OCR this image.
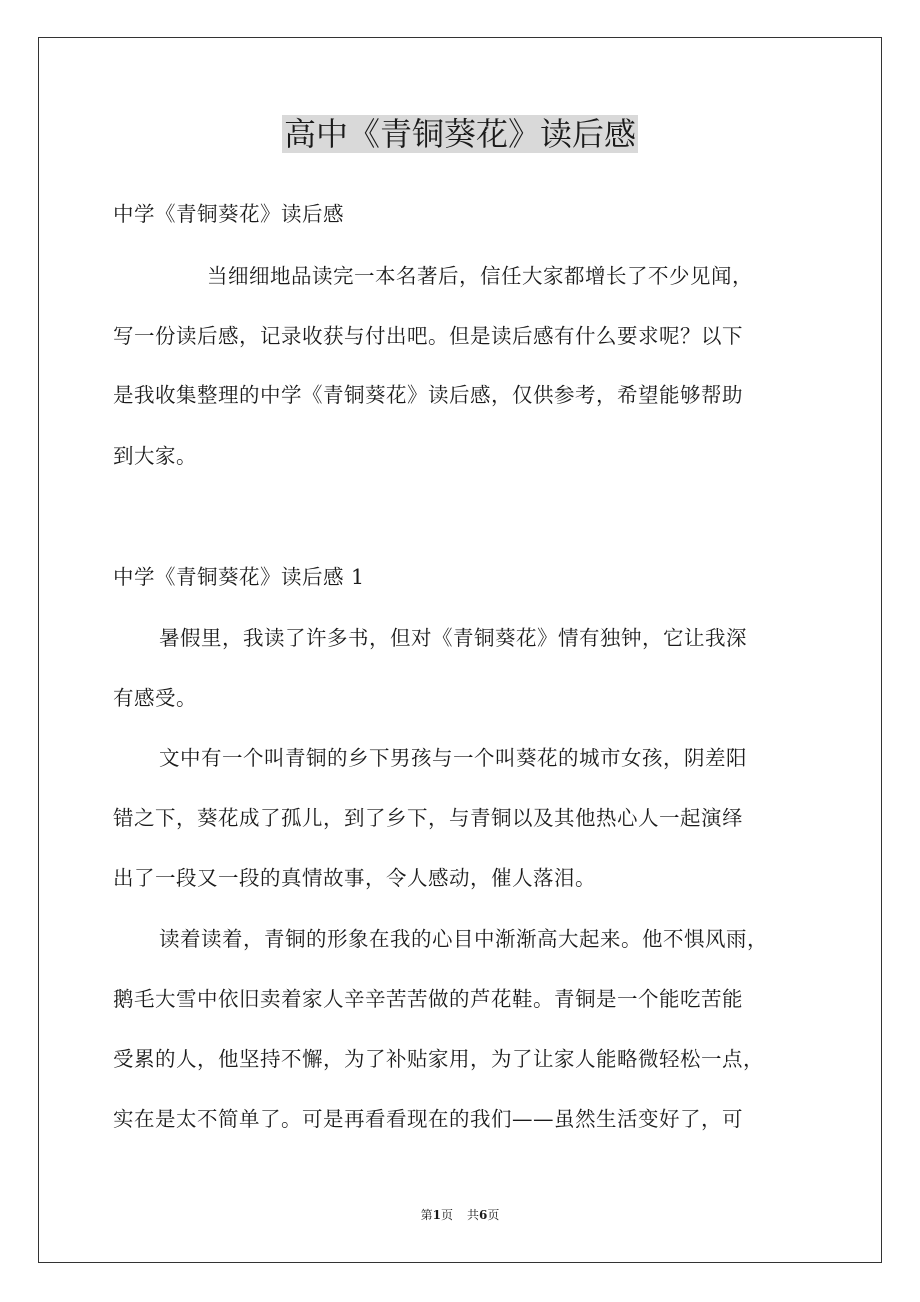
高中《青铜葵花》读后感
中学《青铜葵花》读后感
当细细地品读完一本名著后，信任大家都增长了不少见闻，
写一份读后感，记录收获与付出吧。但是读后感有什么要求呢？以下
是我收集整理的中学《青铜葵花》读后感，仅供参考，希望能够帮助
到大家。
中学《青铜葵花》读后感 1
暑假里，我读了许多书，但对《青铜葵花》情有独钟，它让我深
有感受。
文中有一个叫青铜的乡下男孩与一个叫葵花的城市女孩，阴差阳
错之下，葵花成了孤儿，到了乡下，与青铜以及其他热心人一起演绎
出了一段又一段的真情故事，令人感动，催人落泪。
读着读着，青铜的形象在我的心目中渐渐高大起来。他不惧风雨，
鹅毛大雪中依旧卖着家人辛辛苦苦做的芦花鞋。青铜是一个能吃苦能
受累的人，他坚持不懈，为了补贴家用，为了让家人能略微轻松一点，
实在是太不简单了。可是再看看现在的我们——虽然生活变好了，可
第1页 共6页
